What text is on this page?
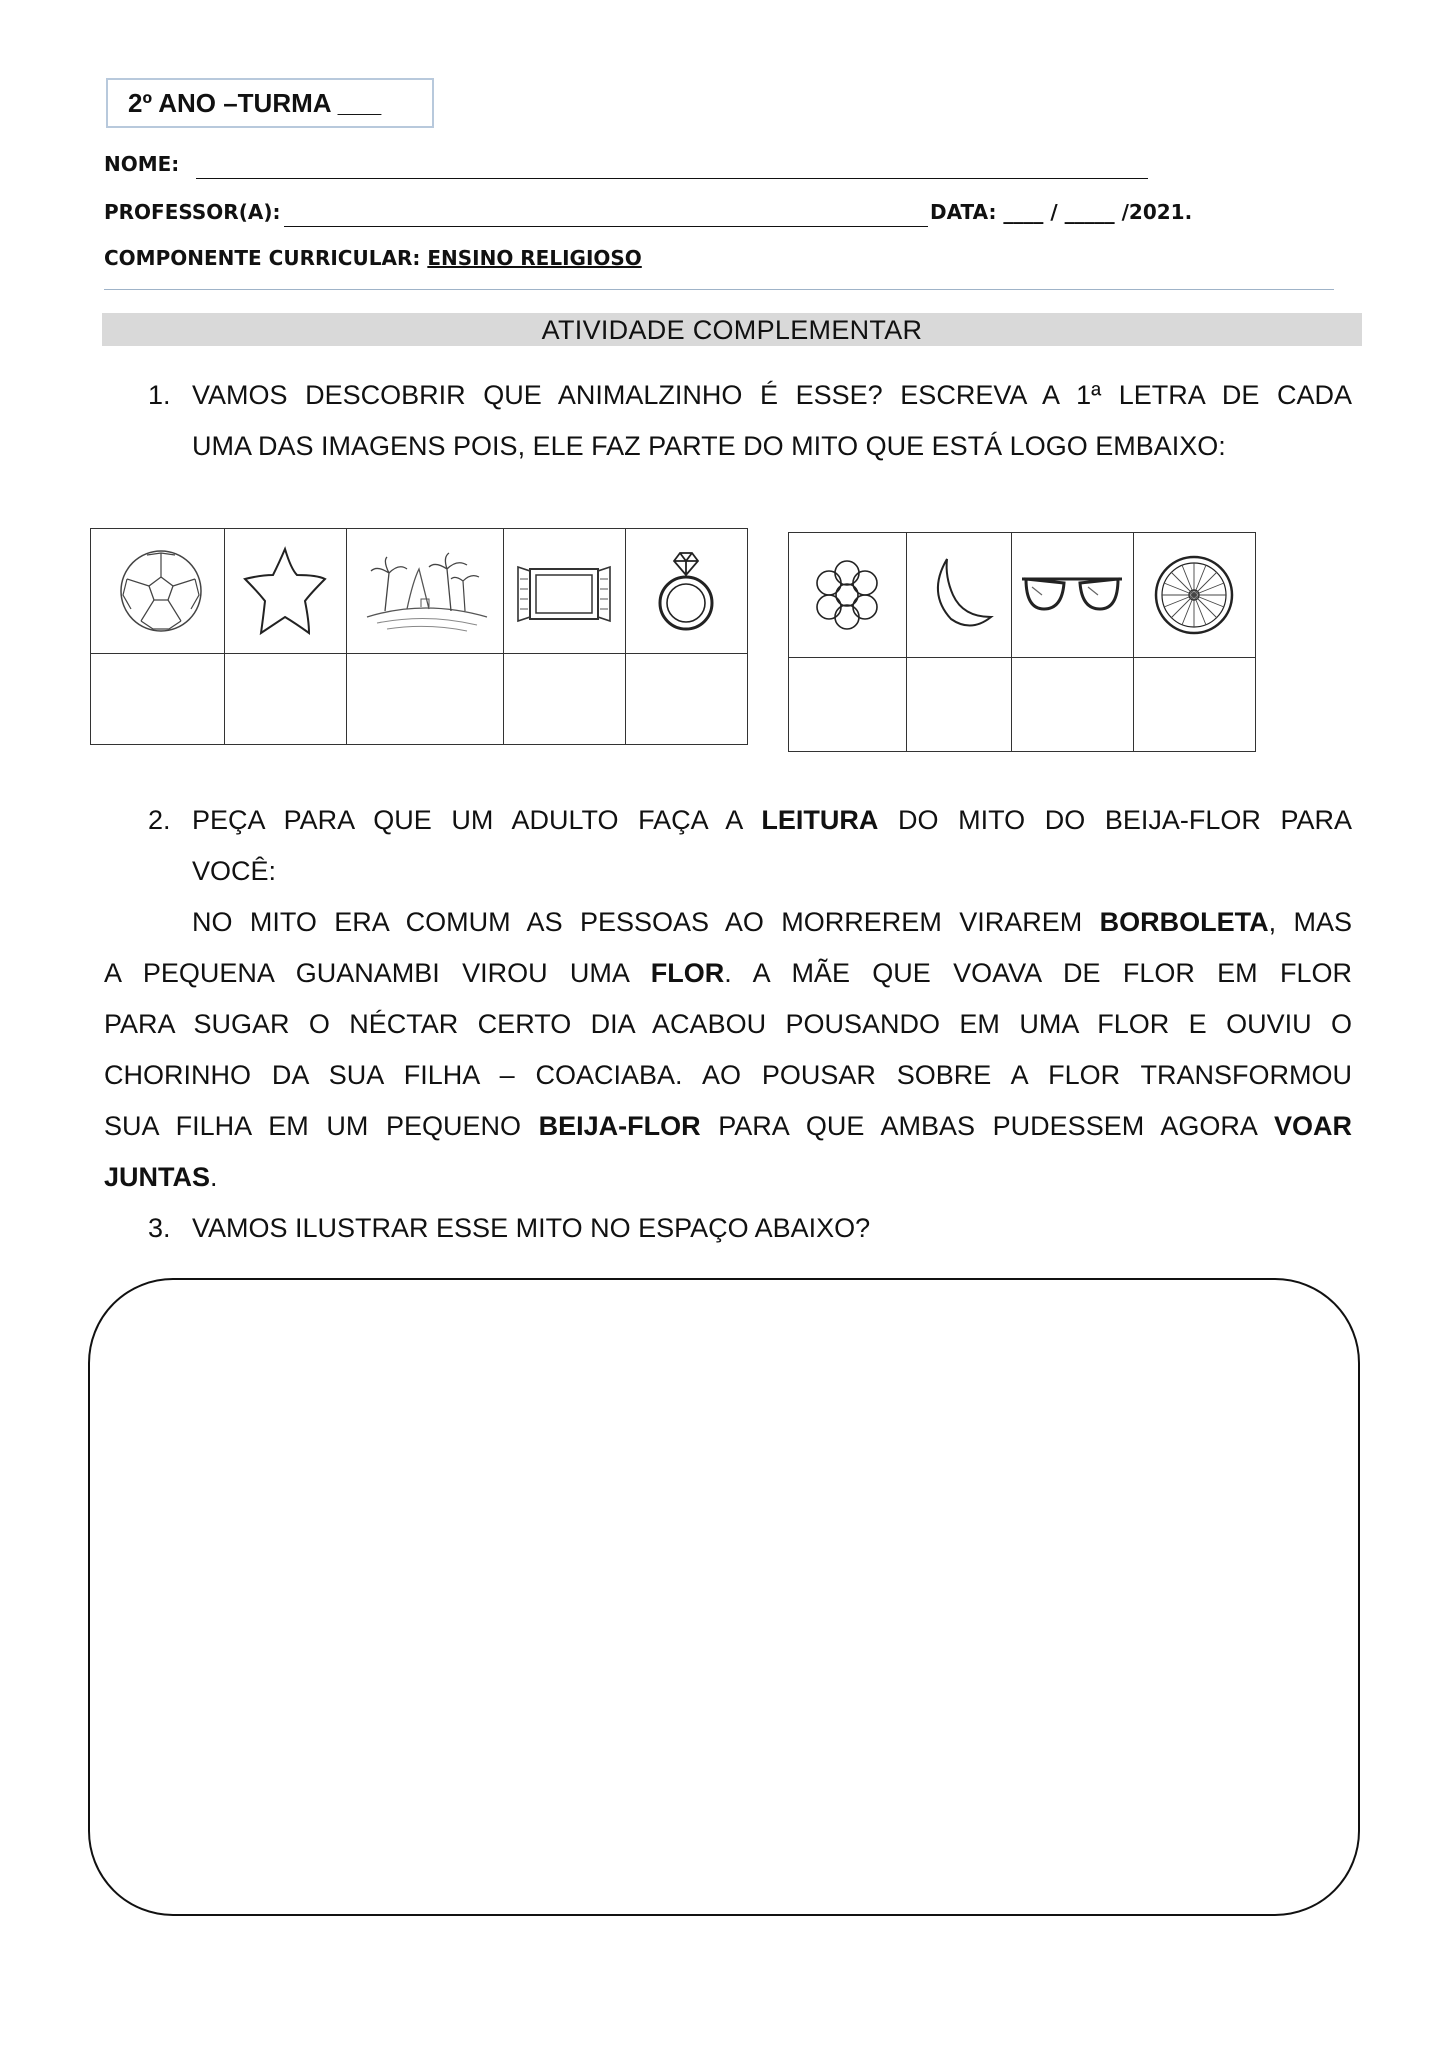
2º ANO –TURMA ___
NOME:
PROFESSOR(A):	DATA: ____ / _____ /2021.
COMPONENTE CURRICULAR: ENSINO RELIGIOSO
ATIVIDADE COMPLEMENTAR
1. VAMOS DESCOBRIR QUE ANIMALZINHO É ESSE? ESCREVA A 1ª LETRA DE CADA
UMA DAS IMAGENS POIS, ELE FAZ PARTE DO MITO QUE ESTÁ LOGO EMBAIXO:

2. PEÇA PARA QUE UM ADULTO FAÇA A LEITURA DO MITO DO BEIJA-FLOR PARA
VOCÊ:
NO MITO ERA COMUM AS PESSOAS AO MORREREM VIRAREM BORBOLETA, MAS
A PEQUENA GUANAMBI VIROU UMA FLOR. A MÃE QUE VOAVA DE FLOR EM FLOR
PARA SUGAR O NÉCTAR CERTO DIA ACABOU POUSANDO EM UMA FLOR E OUVIU O
CHORINHO DA SUA FILHA – COACIABA. AO POUSAR SOBRE A FLOR TRANSFORMOU
SUA FILHA EM UM PEQUENO BEIJA-FLOR PARA QUE AMBAS PUDESSEM AGORA VOAR
JUNTAS.
3. VAMOS ILUSTRAR ESSE MITO NO ESPAÇO ABAIXO?
